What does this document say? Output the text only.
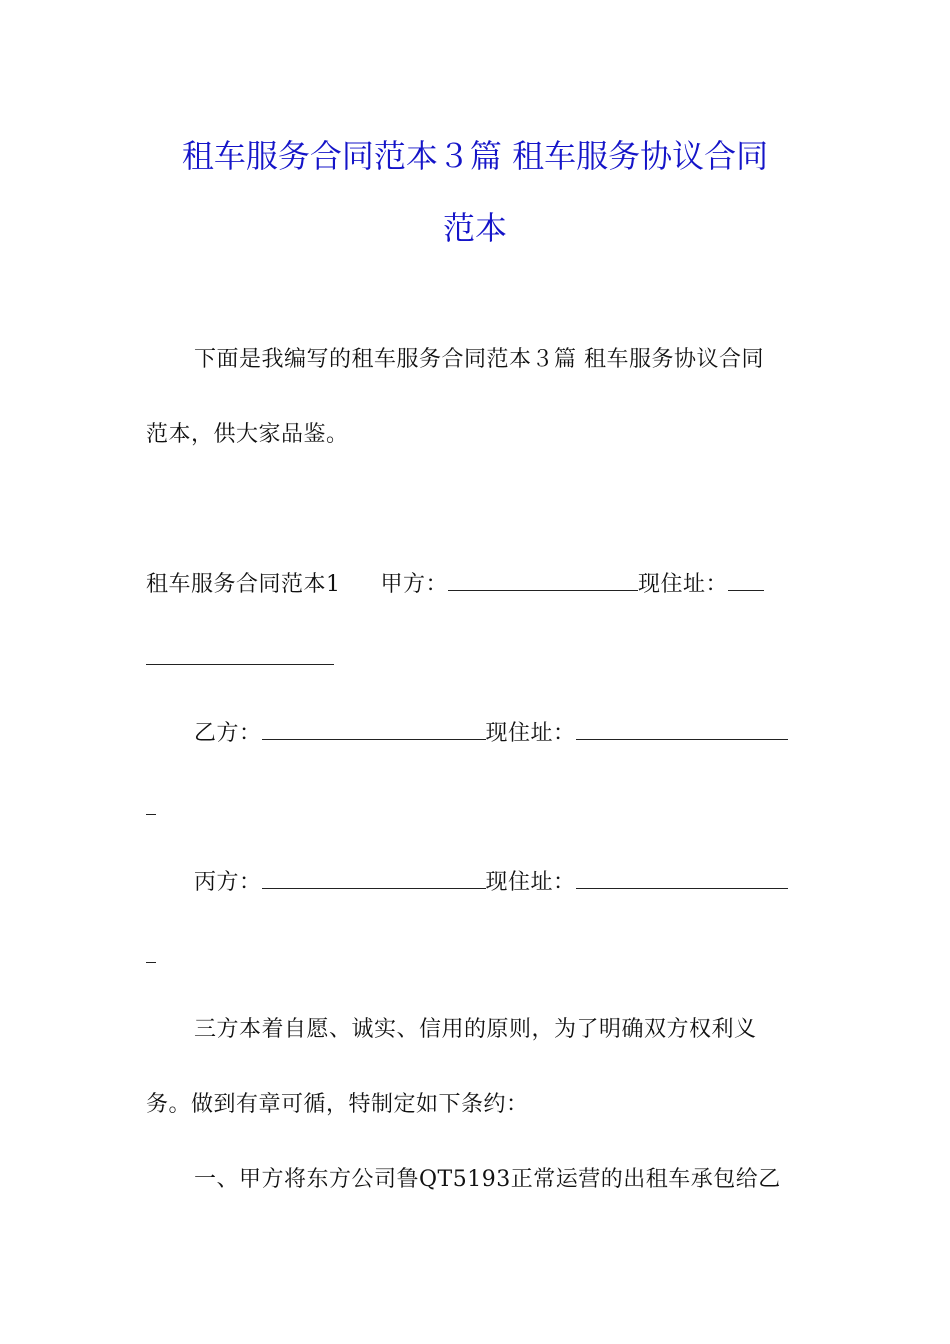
租车服务合同范本３篇 租车服务协议合同
范本
下面是我编写的租车服务合同范本３篇 租车服务协议合同
范本，供大家品鉴。
租车服务合同范本1 甲方：	现住址：
乙方：	现住址：
丙方：	现住址：
三方本着自愿、诚实、信用的原则，为了明确双方权利义
务。做到有章可循，特制定如下条约：
一、甲方将东方公司鲁QT5193正常运营的出租车承包给乙
